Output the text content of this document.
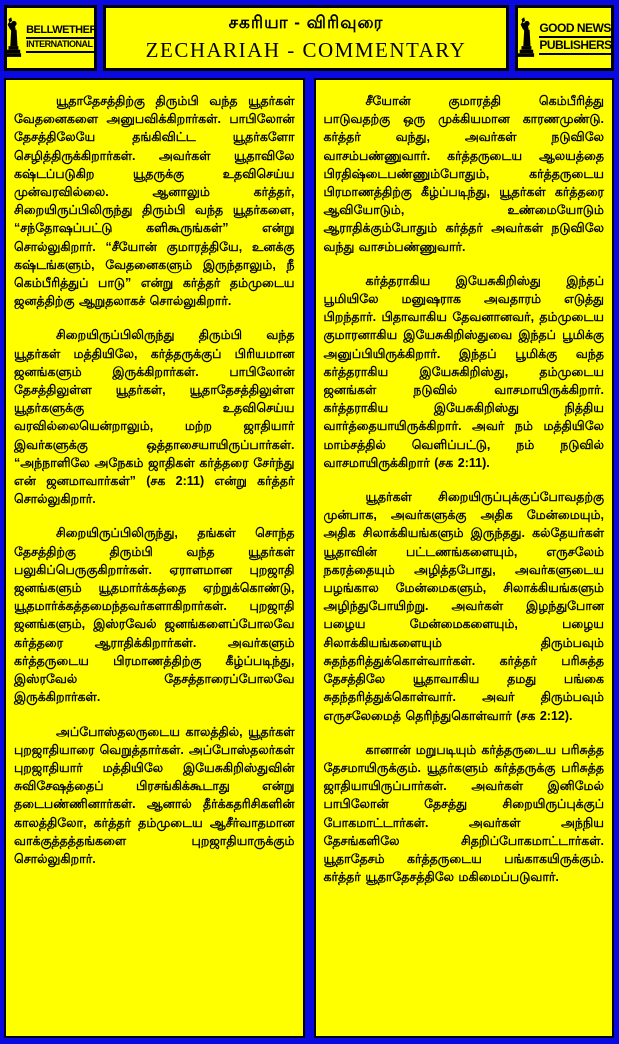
BELLWETHER
INTERNATIONAL
சகரியா - விரிவுரை
ZECHARIAH - COMMENTARY
GOOD NEWS
PUBLISHERS

யூதாதேசத்திற்கு திரும்பி வந்த யூதர்கள் வேதனைகளை அனுபவிக்கிறார்கள். பாபிலோன் தேசத்திலேயே தங்கிவிட்ட யூதர்களோ செழித்திருக்கிறார்கள். அவர்கள் யூதாவிலே கஷ்டப்படுகிற யூதருக்கு உதவிசெய்ய முன்வரவில்லை. ஆனாலும் கர்த்தர், சிறையிருப்பிலிருந்து திரும்பி வந்த யூதர்களை, “சந்தோஷப்பட்டு களிகூருங்கள்” என்று சொல்லுகிறார். “சீயோன் குமாரத்தியே, உனக்கு கஷ்டங்களும், வேதனைகளும் இருந்தாலும், நீ கெம்பீரித்துப் பாடு” என்று கர்த்தர் தம்முடைய ஜனத்திற்கு ஆறுதலாகச் சொல்லுகிறார்.

சிறையிருப்பிலிருந்து திரும்பி வந்த யூதர்கள் மத்தியிலே, கர்த்தருக்குப் பிரியமான ஜனங்களும் இருக்கிறார்கள். பாபிலோன் தேசத்திலுள்ள யூதர்கள், யூதாதேசத்திலுள்ள யூதர்களுக்கு உதவிசெய்ய வரவில்லையென்றாலும், மற்ற ஜாதியார் இவர்களுக்கு ஒத்தாசையாயிருப்பார்கள். “அந்நாளிலே அநேகம் ஜாதிகள் கர்த்தரை சேர்ந்து என் ஜனமாவார்கள்” (சக 2:11) என்று கர்த்தர் சொல்லுகிறார்.

சிறையிருப்பிலிருந்து, தங்கள் சொந்த தேசத்திற்கு திரும்பி வந்த யூதர்கள் பலுகிப்பெருகுகிறார்கள். ஏராளமான புறஜாதி ஜனங்களும் யூதமார்க்கத்தை ஏற்றுக்கொண்டு, யூதமார்க்கத்தமைந்தவர்களாகிறார்கள். புறஜாதி ஜனங்களும், இஸ்ரவேல் ஜனங்களைப்போலவே கர்த்தரை ஆராதிக்கிறார்கள். அவர்களும் கர்த்தருடைய பிரமாணத்திற்கு கீழ்ப்படிந்து, இஸ்ரவேல் தேசத்தாரைப்போலவே இருக்கிறார்கள்.

அப்போஸ்தலருடைய காலத்தில், யூதர்கள் புறஜாதியாரை வெறுத்தார்கள். அப்போஸ்தலர்கள் புறஜாதியார் மத்தியிலே இயேசுகிறிஸ்துவின் சுவிசேஷத்தைப் பிரசங்கிக்கூடாது என்று தடைபண்ணினார்கள். ஆனால் தீர்க்கதரிசிகளின் காலத்திலோ, கர்த்தர் தம்முடைய ஆசீர்வாதமான வாக்குத்தத்தங்களை புறஜாதியாருக்கும் சொல்லுகிறார்.

சீயோன் குமாரத்தி கெம்பீரித்து பாடுவதற்கு ஒரு முக்கியமான காரணமுண்டு. கர்த்தர் வந்து, அவர்கள் நடுவிலே வாசம்பண்ணுவார். கர்த்தருடைய ஆலயத்தை பிரதிஷ்டைபண்ணும்போதும், கர்த்தருடைய பிரமாணத்திற்கு கீழ்ப்படிந்து, யூதர்கள் கர்த்தரை ஆவியோடும், உண்மையோடும் ஆராதிக்கும்போதும் கர்த்தர் அவர்கள் நடுவிலே வந்து வாசம்பண்ணுவார்.

கர்த்தராகிய இயேசுகிறிஸ்து இந்தப் பூமியிலே மனுஷராக அவதாரம் எடுத்து பிறந்தார். பிதாவாகிய தேவனானவர், தம்முடைய குமாரனாகிய இயேசுகிறிஸ்துவை இந்தப் பூமிக்கு அனுப்பியிருக்கிறார். இந்தப் பூமிக்கு வந்த கர்த்தராகிய இயேசுகிறிஸ்து, தம்முடைய ஜனங்கள் நடுவில் வாசமாயிருக்கிறார். கர்த்தராகிய இயேசுகிறிஸ்து நித்திய வார்த்தையாயிருக்கிறார். அவர் நம் மத்தியிலே மாம்சத்தில் வெளிப்பட்டு, நம் நடுவில் வாசமாயிருக்கிறார் (சக 2:11).

யூதர்கள் சிறையிருப்புக்குப்போவதற்கு முன்பாக, அவர்களுக்கு அதிக மேன்மையும், அதிக சிலாக்கியங்களும் இருந்தது. கல்தேயர்கள் யூதாவின் பட்டணங்களையும், எருசலேம் நகரத்தையும் அழித்தபோது, அவர்களுடைய பழங்கால மேன்மைகளும், சிலாக்கியங்களும் அழிந்துபோயிற்று. அவர்கள் இழந்துபோன பழைய மேன்மைகளையும், பழைய சிலாக்கியங்களையும் திரும்பவும் சுதந்தரித்துக்கொள்வார்கள். கர்த்தர் பரிசுத்த தேசத்திலே யூதாவாகிய தமது பங்கை சுதந்தரித்துக்கொள்வார். அவர் திரும்பவும் எருசலேமைத் தெரிந்துகொள்வார் (சக 2:12).

கானான் மறுபடியும் கர்த்தருடைய பரிசுத்த தேசமாயிருக்கும். யூதர்களும் கர்த்தருக்கு பரிசுத்த ஜாதியாயிருப்பார்கள். அவர்கள் இனிமேல் பாபிலோன் தேசத்து சிறையிருப்புக்குப் போகமாட்டார்கள். அவர்கள் அந்நிய தேசங்களிலே சிதறிப்போகமாட்டார்கள். யூதாதேசம் கர்த்தருடைய பங்காகயிருக்கும். கர்த்தர் யூதாதேசத்திலே மகிமைப்படுவார்.
